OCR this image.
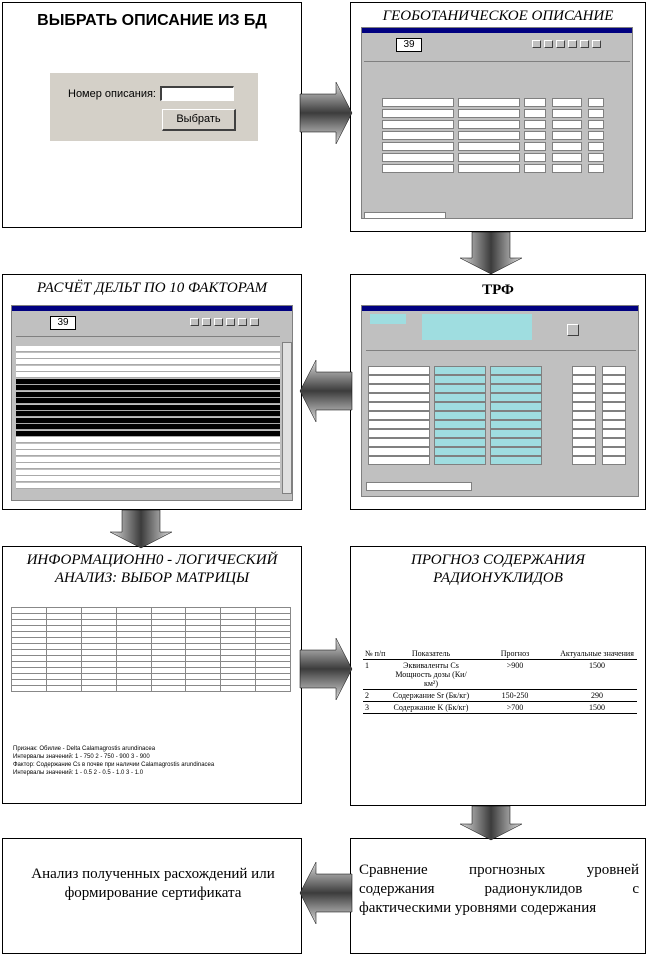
ВЫБРАТЬ ОПИСАНИЕ ИЗ БД
Номер описания:
Выбрать
ГЕОБОТАНИЧЕСКОЕ ОПИСАНИЕ
39
РАСЧЁТ ДЕЛЬТ ПО 10 ФАКТОРАМ
39
ТРФ
ИНФОРМАЦИОНН0 - ЛОГИЧЕСКИЙ
АНАЛИЗ: ВЫБОР МАТРИЦЫ

Признак: Обилие - Delta Calamagrostis arundinacea
Интервалы значений: 1 - 750 2 - 750 - 900 3 - 900
Фактор: Содержание Сs в почве при наличии Calamagrostis arundinacea
Интервалы значений: 1 - 0.5 2 - 0.5 - 1.0 3 - 1.0
ПРОГНОЗ СОДЕРЖАНИЯ
РАДИОНУКЛИДОВ
№ п/п	Показатель	Прогноз	Актуальные значения
1	Эквиваленты Сs Мощность дозы (Ки/км²)	>900	1500
2	Содержание Sr (Бк/кг)	150-250	290
3	Содержание K (Бк/кг)	>700	1500
Сравнение прогнозных уровней содержания радионуклидов с фактическими уровнями содержания
Анализ полученных расхождений или формирование сертификата
